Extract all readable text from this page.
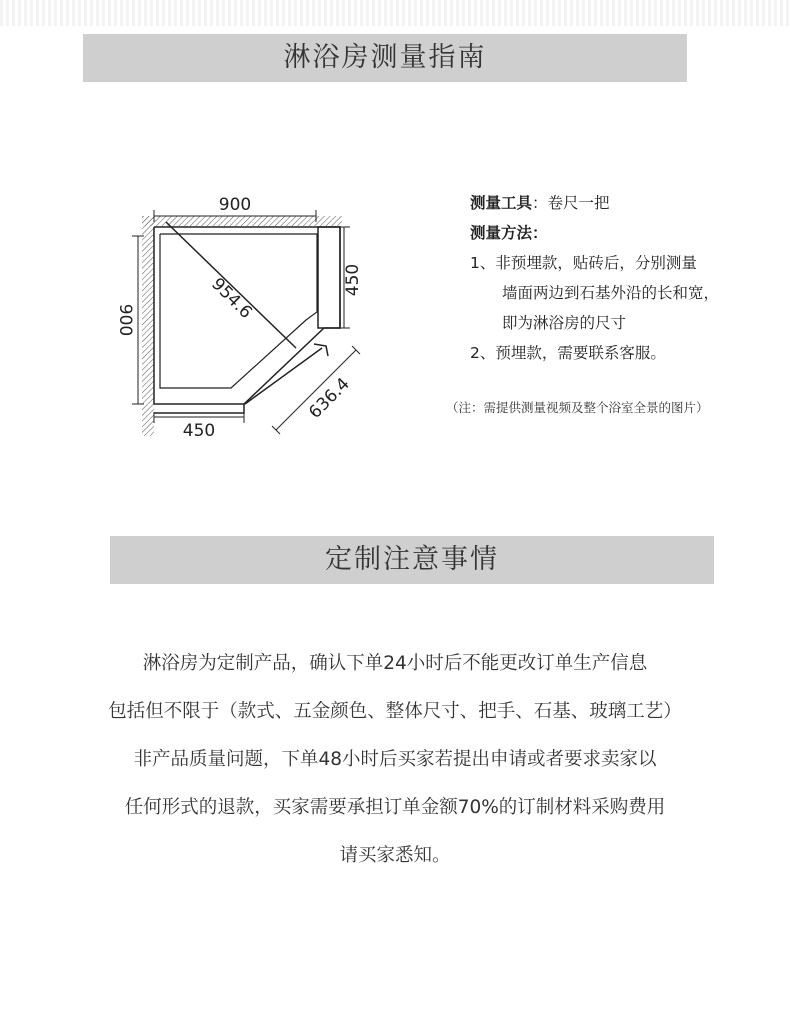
淋浴房测量指南
900
900
450
450
954.6
636.4
测量工具：卷尺一把
测量方法：
1、非预埋款，贴砖后，分别测量
墙面两边到石基外沿的长和宽，
即为淋浴房的尺寸
2、预埋款，需要联系客服。
（注：需提供测量视频及整个浴室全景的图片）
定制注意事情
淋浴房为定制产品，确认下单24小时后不能更改订单生产信息
包括但不限于（款式、五金颜色、整体尺寸、把手、石基、玻璃工艺）
非产品质量问题，下单48小时后买家若提出申请或者要求卖家以
任何形式的退款，买家需要承担订单金额70%的订制材料采购费用
请买家悉知。
